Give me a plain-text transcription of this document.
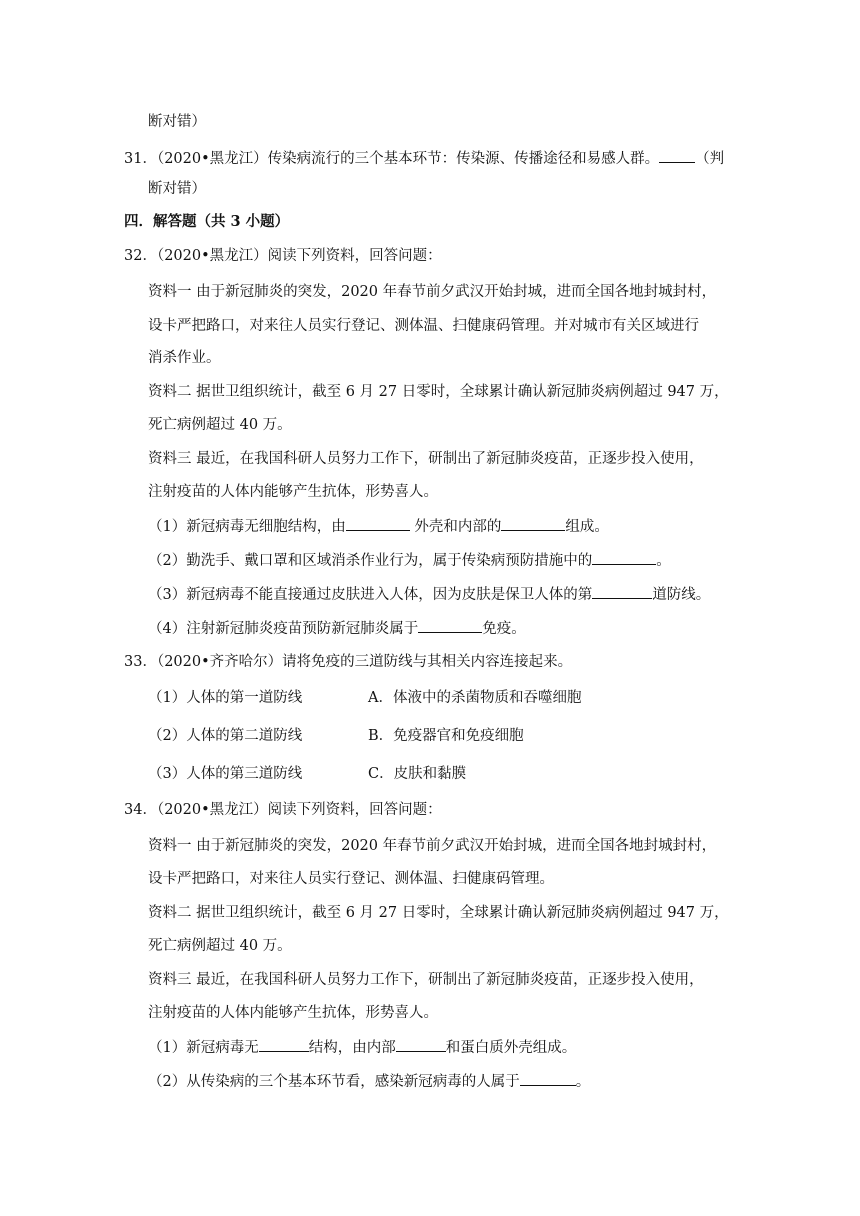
断对错）
31．（2020•黑龙江）传染病流行的三个基本环节：传染源、传播途径和易感人群。 （判
断对错）
四．解答题（共 3 小题）
32．（2020•黑龙江）阅读下列资料，回答问题：
资料一 由于新冠肺炎的突发，2020 年春节前夕武汉开始封城，进而全国各地封城封村，
设卡严把路口，对来往人员实行登记、测体温、扫健康码管理。并对城市有关区域进行
消杀作业。
资料二 据世卫组织统计，截至 6 月 27 日零时，全球累计确认新冠肺炎病例超过 947 万，
死亡病例超过 40 万。
资料三 最近，在我国科研人员努力工作下，研制出了新冠肺炎疫苗，正逐步投入使用，
注射疫苗的人体内能够产生抗体，形势喜人。
（1）新冠病毒无细胞结构，由	外壳和内部的	组成。
（2）勤洗手、戴口罩和区域消杀作业行为，属于传染病预防措施中的	。
（3）新冠病毒不能直接通过皮肤进入人体，因为皮肤是保卫人体的第	道防线。
（4）注射新冠肺炎疫苗预防新冠肺炎属于	免疫。
33．（2020•齐齐哈尔）请将免疫的三道防线与其相关内容连接起来。
（1）人体的第一道防线	A．体液中的杀菌物质和吞噬细胞
（2）人体的第二道防线	B．免疫器官和免疫细胞
（3）人体的第三道防线	C．皮肤和黏膜
34．（2020•黑龙江）阅读下列资料，回答问题：
资料一 由于新冠肺炎的突发，2020 年春节前夕武汉开始封城，进而全国各地封城封村，
设卡严把路口，对来往人员实行登记、测体温、扫健康码管理。
资料二 据世卫组织统计，截至 6 月 27 日零时，全球累计确认新冠肺炎病例超过 947 万，
死亡病例超过 40 万。
资料三 最近，在我国科研人员努力工作下，研制出了新冠肺炎疫苗，正逐步投入使用，
注射疫苗的人体内能够产生抗体，形势喜人。
（1）新冠病毒无	结构，由内部	和蛋白质外壳组成。
（2）从传染病的三个基本环节看，感染新冠病毒的人属于	。
